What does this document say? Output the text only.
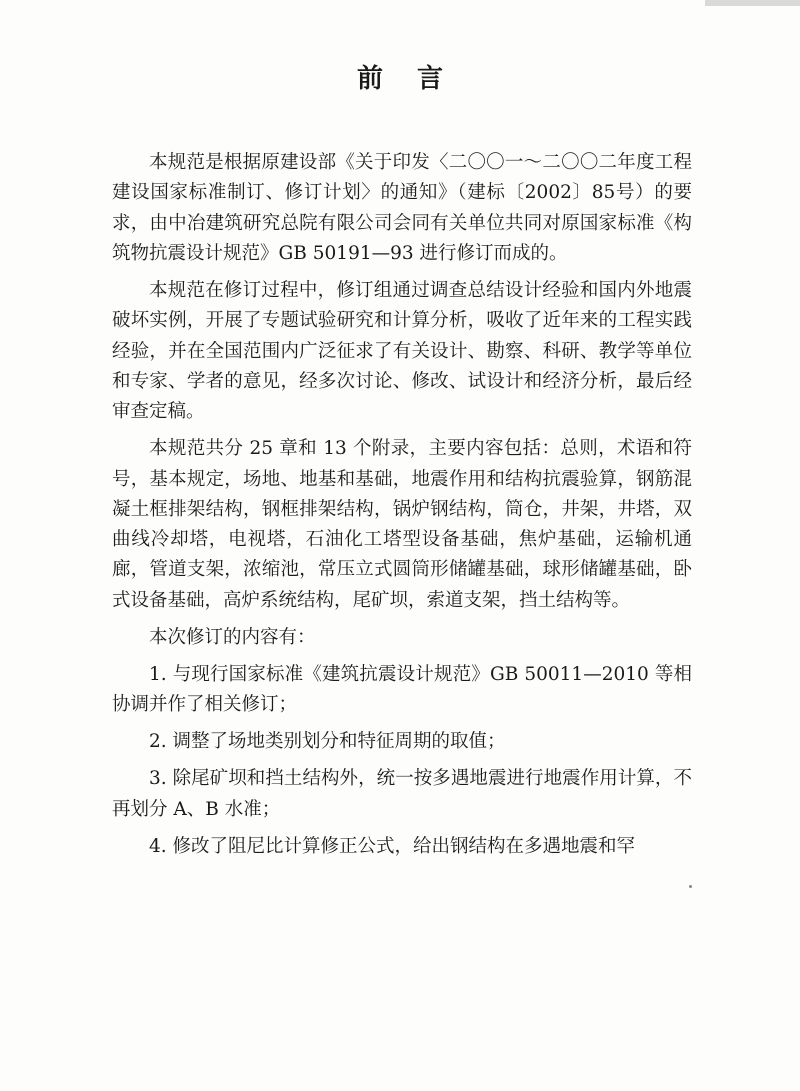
前言

本规范是根据原建设部《关于印发〈二〇〇一～二〇〇二年度工程建设国家标准制订、修订计划〉的通知》（建标〔2002〕85号）的要求，由中冶建筑研究总院有限公司会同有关单位共同对原国家标准《构筑物抗震设计规范》GB 50191—93 进行修订而成的。

本规范在修订过程中，修订组通过调查总结设计经验和国内外地震破坏实例，开展了专题试验研究和计算分析，吸收了近年来的工程实践经验，并在全国范围内广泛征求了有关设计、勘察、科研、教学等单位和专家、学者的意见，经多次讨论、修改、试设计和经济分析，最后经审查定稿。

本规范共分 25 章和 13 个附录，主要内容包括：总则，术语和符号，基本规定，场地、地基和基础，地震作用和结构抗震验算，钢筋混凝土框排架结构，钢框排架结构，锅炉钢结构，筒仓，井架，井塔，双曲线冷却塔，电视塔，石油化工塔型设备基础，焦炉基础，运输机通廊，管道支架，浓缩池，常压立式圆筒形储罐基础，球形储罐基础，卧式设备基础，高炉系统结构，尾矿坝，索道支架，挡土结构等。

本次修订的内容有：

1. 与现行国家标准《建筑抗震设计规范》GB 50011—2010 等相协调并作了相关修订；

2. 调整了场地类别划分和特征周期的取值；

3. 除尾矿坝和挡土结构外，统一按多遇地震进行地震作用计算，不再划分 A、B 水准；

4. 修改了阻尼比计算修正公式，给出钢结构在多遇地震和罕
